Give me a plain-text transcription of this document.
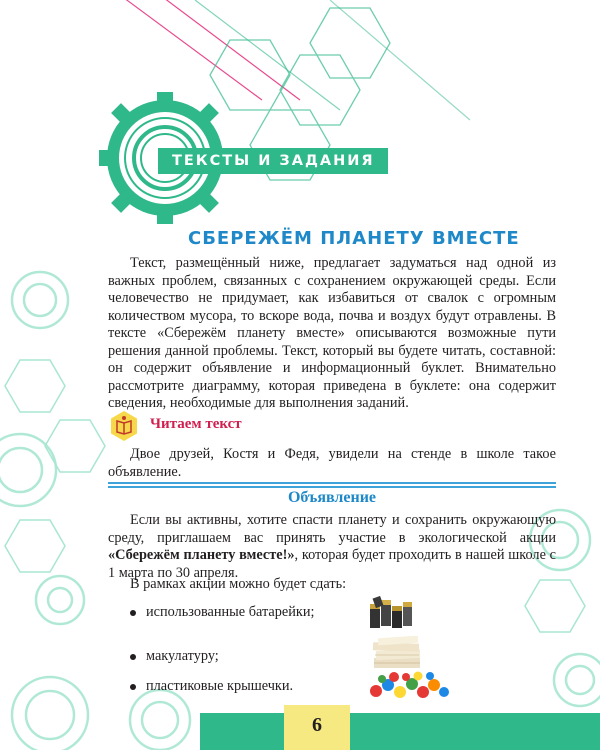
ТЕКСТЫ И ЗАДАНИЯ
СБЕРЕЖЁМ ПЛАНЕТУ ВМЕСТЕ

Текст, размещённый ниже, предлагает задуматься над одной из важных проблем, связанных с сохранением окружающей среды. Если человечество не придумает, как избавиться от свалок с огромным количеством мусора, то вскоре вода, почва и воздух будут отравлены. В тексте «Сбережём планету вместе» описываются возможные пути решения данной проблемы. Текст, который вы будете читать, составной: он содержит объявление и информационный буклет. Внимательно рассмотрите диаграмму, которая приведена в буклете: она содержит сведения, необходимые для выполнения заданий.

Читаем текст

Двое друзей, Костя и Федя, увидели на стенде в школе такое объявление.

Объявление

Если вы активны, хотите спасти планету и сохранить окружающую среду, приглашаем вас принять участие в экологической акции «Сбережём планету вместе!», которая будет проходить в нашей школе с 1 марта по 30 апреля.

В рамках акции можно будет сдать:

использованные батарейки;
макулатуру;
пластиковые крышечки.
6
